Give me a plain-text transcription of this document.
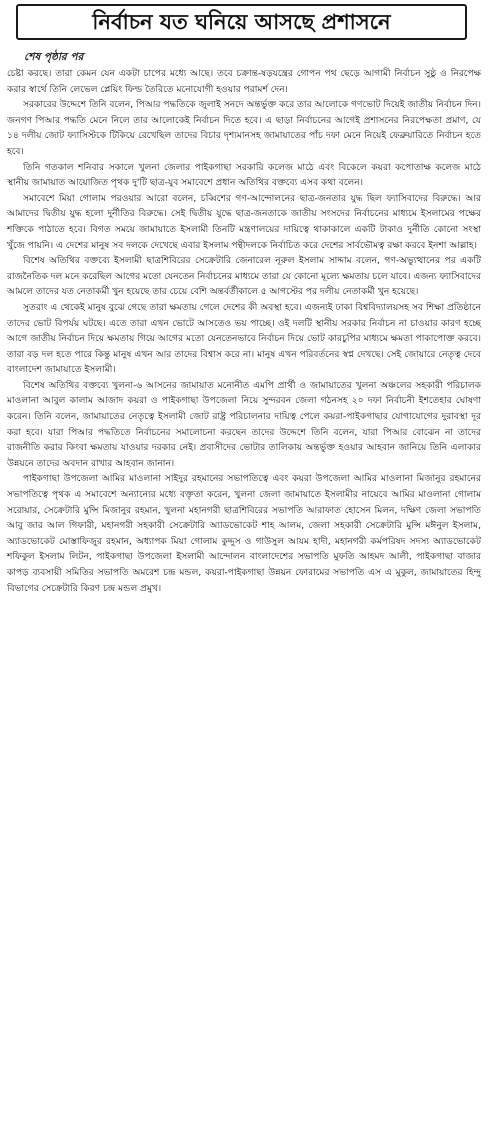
নির্বাচন যত ঘনিয়ে আসছে প্রশাসনে
শেষ পৃষ্ঠার পর

চেষ্টা করছে। তারা কেমন যেন একটা চাপের মধ্যে আছে। তবে চক্রান্ত-ষড়যন্ত্রের গোপন পথ ছেড়ে আগামী নির্বাচন সুষ্ঠু ও নিরপেক্ষ করার স্বার্থে তিনি লেভেল প্লেয়িং ফিল্ড তৈরিতে মনোযোগী হওয়ার পরামর্শ দেন।

সরকারের উদ্দেশে তিনি বলেন, পিআর পদ্ধতিকে জুলাই সনদে অন্তর্ভুক্ত করে তার আলোকে গণভোট দিয়েই জাতীয় নির্বাচন দিন। জনগণ পিআর পদ্ধতি মেনে নিলে তার আলোকেই নির্বাচন দিতে হবে। এ ছাড়া নির্বাচনের আগেই প্রশাসনের নিরপেক্ষতা প্রমাণ, যে ১৪ দলীয় জোট ফ্যাসিস্টকে টিকিয়ে রেখেছিল তাদের বিচার দৃশ্যমানসহ জামায়াতের পাঁচ দফা মেনে নিয়েই ফেব্রুয়ারিতে নির্বাচন হতে হবে।

তিনি গতকাল শনিবার সকালে খুলনা জেলার পাইকগাছা সরকারি কলেজ মাঠে এবং বিকেলে কয়রা কপোতাক্ষ কলেজ মাঠে স্থানীয় জামায়াত আয়োজিত পৃথক দু'টি ছাত্র-যুব সমাবেশে প্রধান অতিথির বক্তব্যে এসব কথা বলেন।

সমাবেশে মিয়া গোলাম পরওয়ার আরো বলেন, চব্বিশের গণ-আন্দোলনের ছাত্র-জনতার যুদ্ধ ছিল ফ্যাসিবাদের বিরুদ্ধে। আর আমাদের দ্বিতীয় যুদ্ধ হলো দুর্নীতির বিরুদ্ধে। সেই দ্বিতীয় যুদ্ধে ছাত্র-জনতাকে জাতীয় সংসদের নির্বাচনের মাধ্যমে ইসলামের পক্ষের শক্তিকে পাঠাতে হবে। বিগত সময়ে জামায়াতে ইসলামী তিনটি মন্ত্রণালয়ের দায়িত্বে থাকাকালে একটি টাকাও দুর্নীতি কোনো সংস্থা খুঁজে পায়নি। এ দেশের মানুষ সব দলকে দেখেছে এবার ইসলাম পন্থীদলকে নির্বাচিত করে দেশের সার্বভৌমত্ব রক্ষা করবে ইনশা আল্লাহ।

বিশেষ অতিথির বক্তব্যে ইসলামী ছাত্রশিবিরের সেক্রেটারি জেনারেল নূরুল ইসলাম সাদ্দাম বলেন, গণ-অভ্যুত্থানের পর একটি রাজনৈতিক দল মনে করেছিল আগের মতো যেনতেন নির্বাচনের মাধ্যমে তারা যে কোনো মূল্যে ক্ষমতায় চলে যাবে। এজন্য ফ্যাসিবাদের আমলে তাদের যত নেতাকর্মী খুন হয়েছে তার চেয়ে বেশি অন্তর্বর্তীকালে ৫ আগস্টের পর দলীয় নেতাকর্মী খুন হয়েছে।

সুতরাং এ থেকেই মানুষ বুঝে গেছে তারা ক্ষমতায় গেলে দেশের কী অবস্থা হবে। এজন্যই ঢাকা বিশ্ববিদ্যালয়সহ সব শিক্ষা প্রতিষ্ঠানে তাদের ভোট বিপর্যয় ঘটছে। এতে তারা এখন ভোটে আসতেও ভয় পাচ্ছে। ওই দলটি স্থানীয় সরকার নির্বাচন না চাওয়ার কারণ হচ্ছে আগে জাতীয় নির্বাচন দিয়ে ক্ষমতায় গিয়ে আগের মতো যেনতেনভাবে নির্বাচন দিয়ে ভোট কারচুপির মাধ্যমে ক্ষমতা পাকাপোক্ত করবে। তারা বড় দল হতে পারে কিন্তু মানুষ এখন আর তাদের বিশ্বাস করে না। মানুষ এখন পরিবর্তনের স্বপ্ন দেখছে। সেই জোয়ারে নেতৃত্ব দেবে বাংলাদেশ জামায়াতে ইসলামী।

বিশেষ অতিথির বক্তব্যে খুলনা-৬ আসনের জামায়াত মনোনীত এমপি প্রার্থী ও জামায়াতের খুলনা অঞ্চলের সহকারী পরিচালক মাওলানা আবুল কালাম আজাদ কয়রা ও পাইকগাছা উপজেলা নিয়ে সুন্দরবন জেলা গঠনসহ ২০ দফা নির্বাচনী ইশতেহার ঘোষণা করেন। তিনি বলেন, জামায়াতের নেতৃত্বে ইসলামী জোট রাষ্ট্র পরিচালনার দায়িত্ব পেলে কয়রা-পাইকগাছার যোগাযোগের দুরাবস্থা দূর করা হবে। যারা পিআর পদ্ধতিতে নির্বাচনের সমালোচনা করছেন তাদের উদ্দেশে তিনি বলেন, যারা পিআর বোঝেন না তাদের রাজনীতি করার কিংবা ক্ষমতায় যাওয়ার দরকার নেই। প্রবাসীদের ভোটার তালিকায় অন্তর্ভুক্ত হওয়ার আহবান জানিয়ে তিনি এলাকার উন্নয়নে তাদের অবদান রাখার আহবান জানান।

পাইকগাছা উপজেলা আমির মাওলানা সাইদুর রহমানের সভাপতিত্বে এবং কয়রা উপজেলা আমির মাওলানা মিজানুর রহমানের সভাপতিত্বে পৃথক এ সমাবেশে অন্যান্যের মধ্যে বক্তৃতা করেন, খুলনা জেলা জামায়াতে ইসলামীর নায়েবে আমির মাওলানা গোলাম সরোয়ার, সেক্রেটারি মুন্সি মিজানুর রহমান, খুলনা মহানগরী ছাত্রশিবিরের সভাপতি আরাফাত হোসেন মিলন, দক্ষিণ জেলা সভাপতি আবু জার আল গিফারী, মহানগরী সহকারী সেক্রেটারি অ্যাডভোকেট শাহ আলম, জেলা সহকারী সেক্রেটারি মুন্সি মঈনুল ইসলাম, অ্যাডভোকেট মোস্তাফিজুর রহমান, অধ্যাপক মিয়া গোলাম কুদ্দুস ও গাউসুল আযম হাদী, মহানগরী কর্মপরিষদ সদস্য অ্যাডভোকেট শফিকুল ইসলাম লিটন, পাইকগাছা উপজেলা ইসলামী আন্দোলন বাংলাদেশের সভাপতি মুফতি আহমদ আলী, পাইকগাছা বাজার কাপড় ব্যবসায়ী সমিতির সভাপতি অমরেশ চন্দ্র মন্ডল, কয়রা-পাইকগাছা উন্নয়ন ফোরামের সভাপতি এস এ মুকুল, জামায়াতের হিন্দু বিভাগের সেক্রেটারি কিরণ চন্দ্র মন্ডল প্রমুখ।
